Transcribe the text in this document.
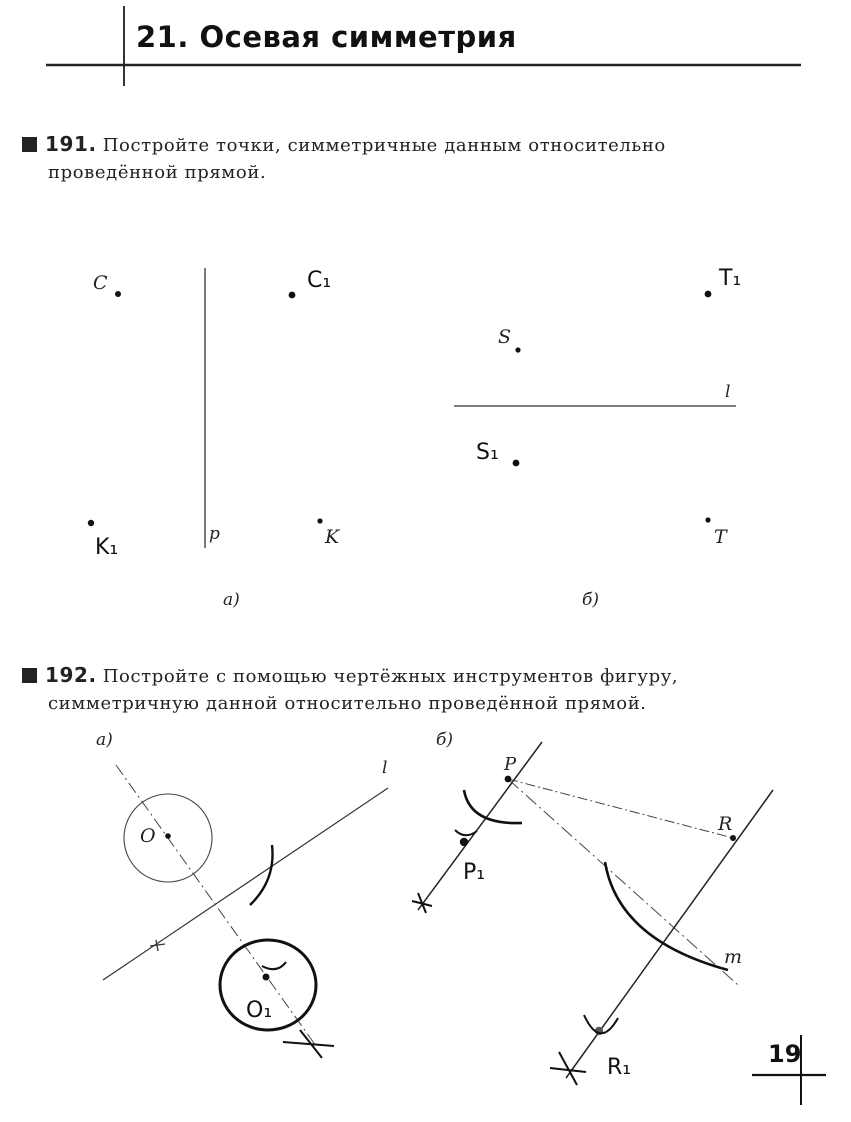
21. Осевая симметрия
191. Постройте точки, симметричные данным относительно
проведённой прямой.
192. Постройте с помощью чертёжных инструментов фигуру,
симметричную данной относительно проведённой прямой.
C	C₁
K₁	K
p
а)
S
S₁
T₁
T
l
б)
а)
l
O
O₁
б)
P
P₁
R
R₁
m
19
